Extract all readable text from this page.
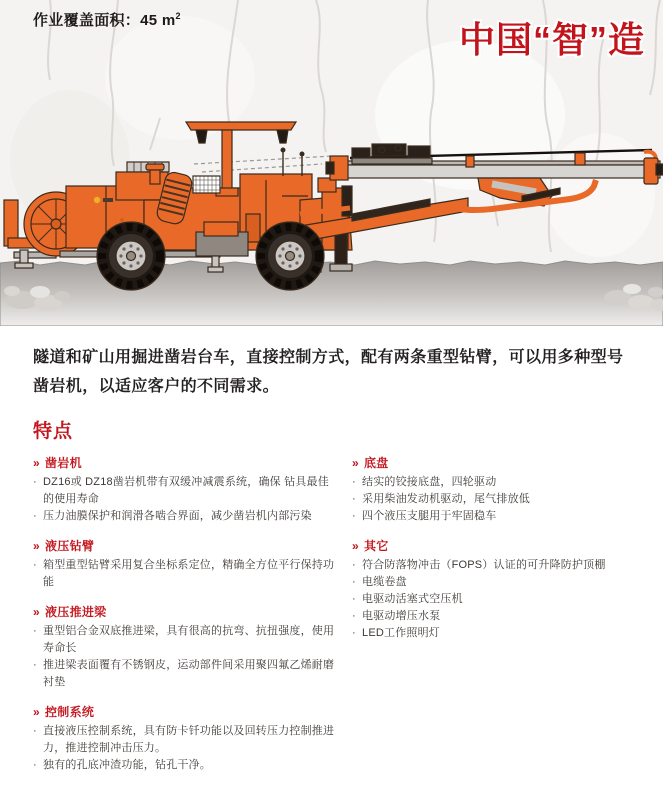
作业覆盖面积：45 $m^2$
中国“智”造

隧道和矿山用掘进凿岩台车，直接控制方式，配有两条重型钻臂，可以用多种型号凿岩机，以适应客户的不同需求。

特点
» 凿岩机
· DZ16或 DZ18凿岩机带有双缓冲减震系统，确保 钻具最佳的使用寿命
· 压力油膜保护和润滑各啮合界面，减少凿岩机内部污染
» 液压钻臂
· 箱型重型钻臂采用复合坐标系定位，精确全方位平行保持功能
» 液压推进梁
· 重型铝合金双底推进梁，具有很高的抗弯、抗扭强度，使用寿命长
· 推进梁表面覆有不锈钢皮，运动部件间采用聚四氟乙烯耐磨衬垫
» 控制系统
· 直接液压控制系统，具有防卡钎功能以及回转压力控制推进力，推进控制冲击压力。
· 独有的孔底冲渣功能，钻孔干净。
» 底盘
· 结实的铰接底盘，四轮驱动
· 采用柴油发动机驱动，尾气排放低
· 四个液压支腿用于牢固稳车
» 其它
· 符合防落物冲击（FOPS）认证的可升降防护顶棚
· 电缆卷盘
· 电驱动活塞式空压机
· 电驱动增压水泵
· LED工作照明灯
